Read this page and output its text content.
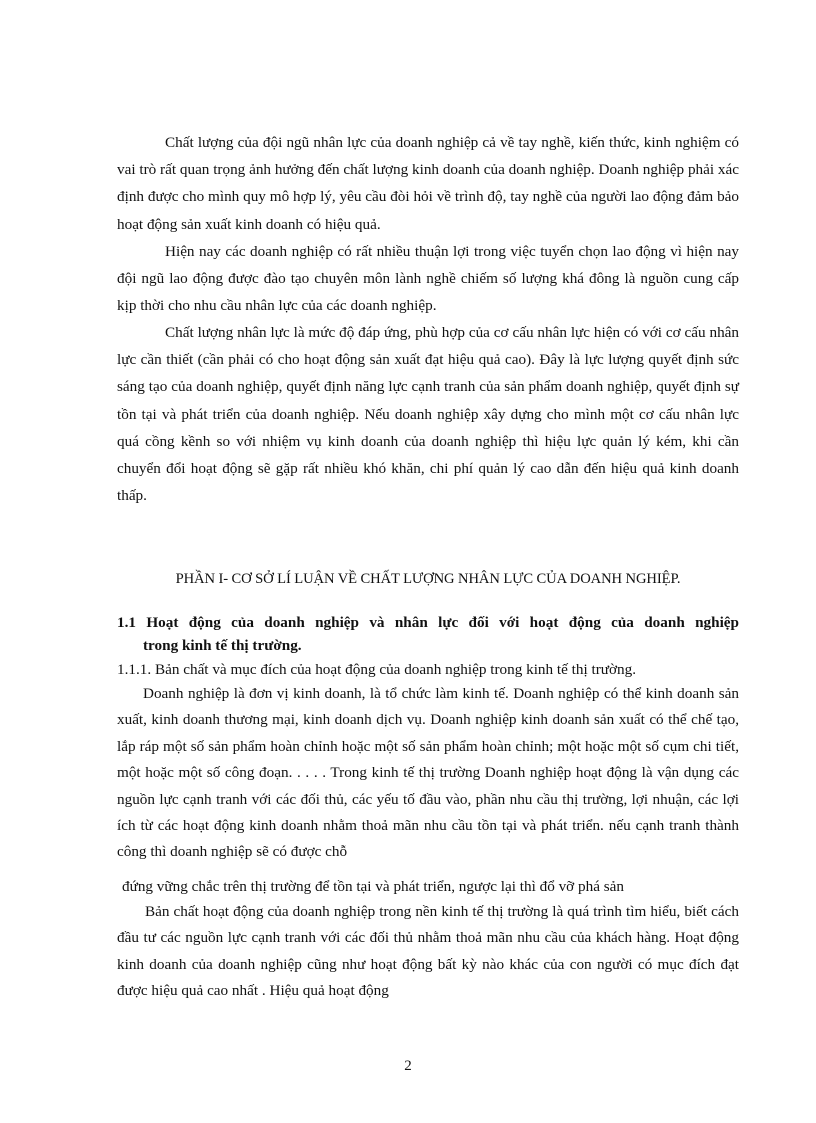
Chất lượng của đội ngũ nhân lực của doanh nghiệp cả về tay nghề, kiến thức, kinh nghiệm có vai trò rất quan trọng ảnh hưởng đến chất lượng kinh doanh của doanh nghiệp. Doanh nghiệp phải xác định được cho mình quy mô hợp lý, yêu cầu đòi hỏi về trình độ, tay nghề của người lao động đảm bảo hoạt động sản xuất kinh doanh có hiệu quả.

Hiện nay các doanh nghiệp có rất nhiều thuận lợi trong việc tuyển chọn lao động vì hiện nay đội ngũ lao động được đào tạo chuyên môn lành nghề chiếm số lượng khá đông là nguồn cung cấp kịp thời cho nhu cầu nhân lực của các doanh nghiệp.

Chất lượng nhân lực là mức độ đáp ứng, phù hợp của cơ cấu nhân lực hiện có với cơ cấu nhân lực cần thiết (cần phải có cho hoạt động sản xuất đạt hiệu quả cao). Đây là lực lượng quyết định sức sáng tạo của doanh nghiệp, quyết định năng lực cạnh tranh của sản phẩm doanh nghiệp, quyết định sự tồn tại và phát triển của doanh nghiệp. Nếu doanh nghiệp xây dựng cho mình một cơ cấu nhân lực quá cồng kềnh so với nhiệm vụ kinh doanh của doanh nghiệp thì hiệu lực quản lý kém, khi cần chuyển đổi hoạt động sẽ gặp rất nhiều khó khăn, chi phí quản lý cao dẫn đến hiệu quả kinh doanh thấp.

PHẦN I- CƠ SỞ LÍ LUẬN VỀ CHẤT LƯỢNG NHÂN LỰC CỦA DOANH NGHIỆP.

1.1 Hoạt động của doanh nghiệp và nhân lực đối với hoạt động của doanh nghiệp
trong kinh tế thị trường.

1.1.1. Bản chất và mục đích của hoạt động của doanh nghiệp trong kinh tế thị trường.

Doanh nghiệp là đơn vị kinh doanh, là tổ chức làm kinh tế. Doanh nghiệp có thể kinh doanh sản xuất, kinh doanh thương mại, kinh doanh dịch vụ. Doanh nghiệp kinh doanh sản xuất có thể chế tạo, lắp ráp một số sản phẩm hoàn chỉnh hoặc một số sản phẩm hoàn chỉnh; một hoặc một số cụm chi tiết, một hoặc một số công đoạn. . . . . Trong kinh tế thị trường Doanh nghiệp hoạt động là vận dụng các nguồn lực cạnh tranh với các đối thủ, các yếu tố đầu vào, phần nhu cầu thị trường, lợi nhuận, các lợi ích từ các hoạt động kinh doanh nhằm thoả mãn nhu cầu tồn tại và phát triển. nếu cạnh tranh thành công thì doanh nghiệp sẽ có được chỗ

đứng vững chắc trên thị trường để tồn tại và phát triển, ngược lại thì đổ vỡ phá sản

Bản chất hoạt động của doanh nghiệp trong nền kinh tế thị trường là quá trình tìm hiểu, biết cách đầu tư các nguồn lực cạnh tranh với các đối thủ nhằm thoả mãn nhu cầu của khách hàng. Hoạt động kinh doanh của doanh nghiệp cũng như hoạt động bất kỳ nào khác của con người có mục đích đạt được hiệu quả cao nhất . Hiệu quả hoạt động

2
